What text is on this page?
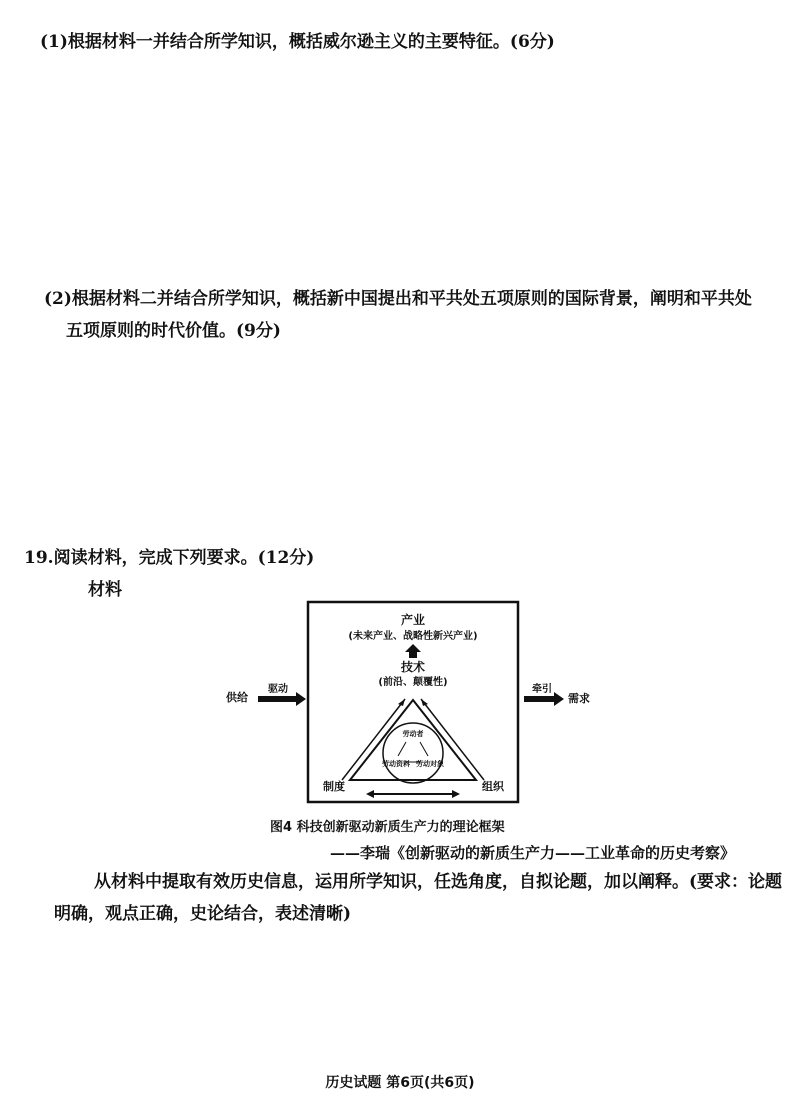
(1)根据材料一并结合所学知识，概括威尔逊主义的主要特征。(6分)
(2)根据材料二并结合所学知识，概括新中国提出和平共处五项原则的国际背景，阐明和平共处
五项原则的时代价值。(9分)
19.阅读材料，完成下列要求。(12分)
材料
产业
(未来产业、战略性新兴产业)
技术
(前沿、颠覆性)
劳动者
劳动资料 劳动对象
制度	组织
供给
驱动	牵引
需求
图4 科技创新驱动新质生产力的理论框架
——李瑞《创新驱动的新质生产力——工业革命的历史考察》
从材料中提取有效历史信息，运用所学知识，任选角度，自拟论题，加以阐释。(要求：论题
明确，观点正确，史论结合，表述清晰)
历史试题 第6页(共6页)
